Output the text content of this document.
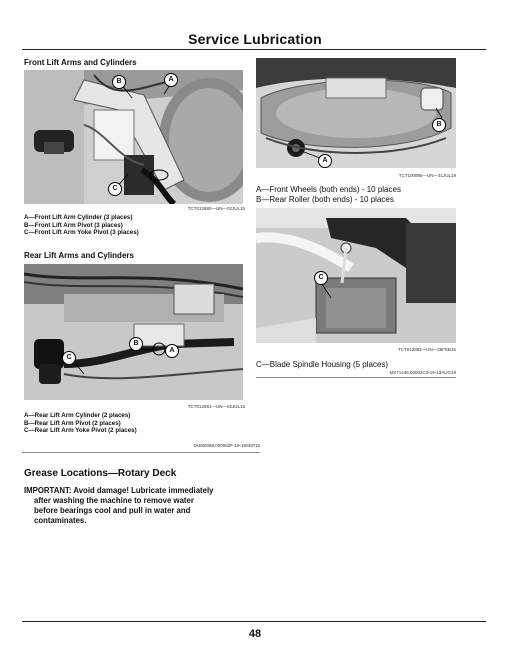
Service Lubrication
Front Lift Arms and Cylinders
B	A
C
TCT012880—UN—02JUL15
A—Front Lift Arm Cylinder (3 places)
B—Front Lift Arm Pivot (3 places)
C—Front Lift Arm Yoke Pivot (3 places)
Rear Lift Arms and Cylinders
C
B
A
TCT012881—UN—02JUL15
A—Rear Lift Arm Cylinder (2 places)
B—Rear Lift Arm Pivot (2 places)
C—Rear Lift Arm Yoke Pivot (2 places)
OUM0068,000082F-19-18SEP15
Grease Locations—Rotary Deck
IMPORTANT: Avoid damage! Lubricate immediately
after washing the machine to remove water
before bearings cool and pull in water and
contaminates.
B
A
TCT100895—UN—31JUL19
A—Front Wheels (both ends) - 10 places
B—Rear Roller (both ends) - 10 places
C
TCT012882—UN—28FEB15
C—Blade Spindle Housing (5 places)
MX71445,00002C3-19-13AUG19
48
